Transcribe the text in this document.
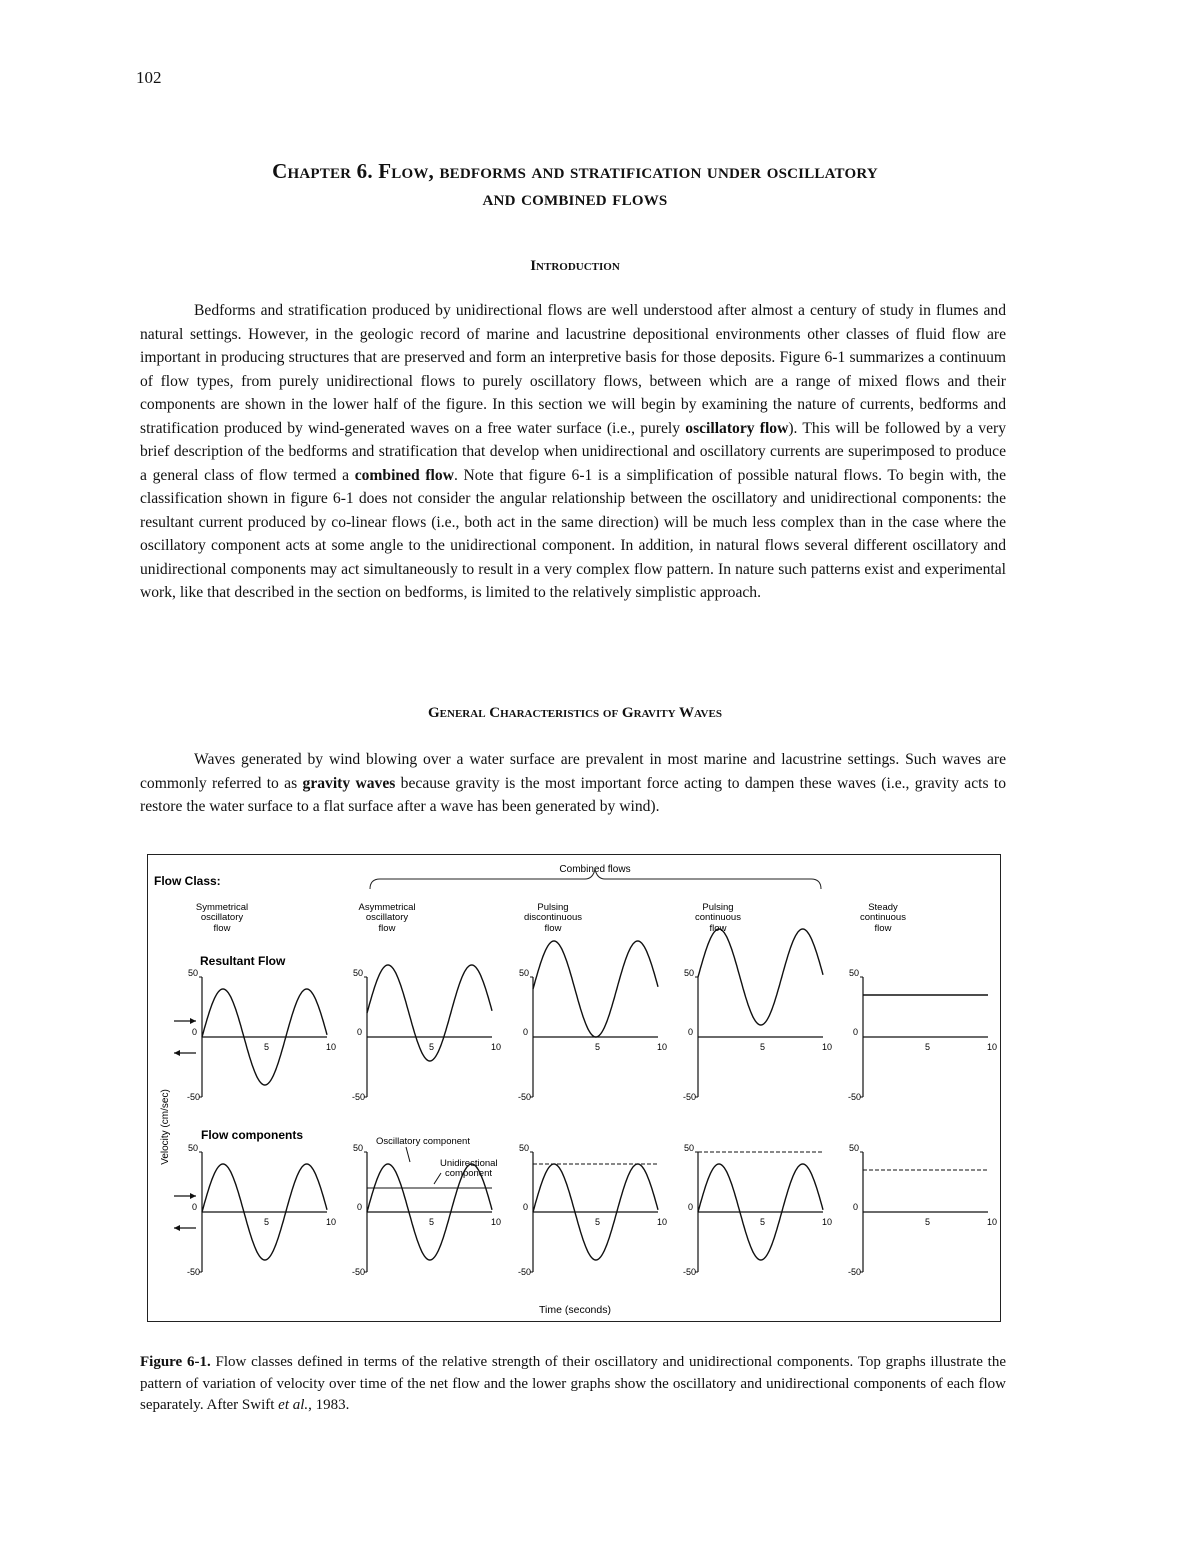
102
Chapter 6. Flow, bedforms and stratification under oscillatory
and combined flows
Introduction
Bedforms and stratification produced by unidirectional flows are well understood after almost a century of study in flumes and natural settings. However, in the geologic record of marine and lacustrine depositional environments other classes of fluid flow are important in producing structures that are preserved and form an interpretive basis for those deposits. Figure 6-1 summarizes a continuum of flow types, from purely unidirectional flows to purely oscillatory flows, between which are a range of mixed flows and their components are shown in the lower half of the figure. In this section we will begin by examining the nature of currents, bedforms and stratification produced by wind-generated waves on a free water surface (i.e., purely oscillatory flow). This will be followed by a very brief description of the bedforms and stratification that develop when unidirectional and oscillatory currents are superimposed to produce a general class of flow termed a combined flow. Note that figure 6-1 is a simplification of possible natural flows. To begin with, the classification shown in figure 6-1 does not consider the angular relationship between the oscillatory and unidirectional components: the resultant current produced by co-linear flows (i.e., both act in the same direction) will be much less complex than in the case where the oscillatory component acts at some angle to the unidirectional component. In addition, in natural flows several different oscillatory and unidirectional components may act simultaneously to result in a very complex flow pattern. In nature such patterns exist and experimental work, like that described in the section on bedforms, is limited to the relatively simplistic approach.
General Characteristics of Gravity Waves
Waves generated by wind blowing over a water surface are prevalent in most marine and lacustrine settings. Such waves are commonly referred to as gravity waves because gravity is the most important force acting to dampen these waves (i.e., gravity acts to restore the water surface to a flat surface after a wave has been generated by wind).
Flow Class:
Combined flows
Resultant Flow
Flow components
Velocity (cm/sec)
Time (seconds)
Oscillatory component
Unidirectional
component
Symmetrical
oscillatory
flow
Asymmetrical
oscillatory
flow
Pulsing
discontinuous
flow
Pulsing
continuous
flow
Steady
continuous
flow
50
0
-50
5	10
50
0
-50
5	10
50
0
-50
5	10
50
0
-50
5	10
50
0
-50
5	10
50
0
-50
5	10
50
0
-50
5	10
50
0
-50
5	10
50
0
-50
5	10
50
0
-50
5	10
Figure 6-1. Flow classes defined in terms of the relative strength of their oscillatory and unidirectional components. Top graphs illustrate the pattern of variation of velocity over time of the net flow and the lower graphs show the oscillatory and unidirectional components of each flow separately. After Swift et al., 1983.
